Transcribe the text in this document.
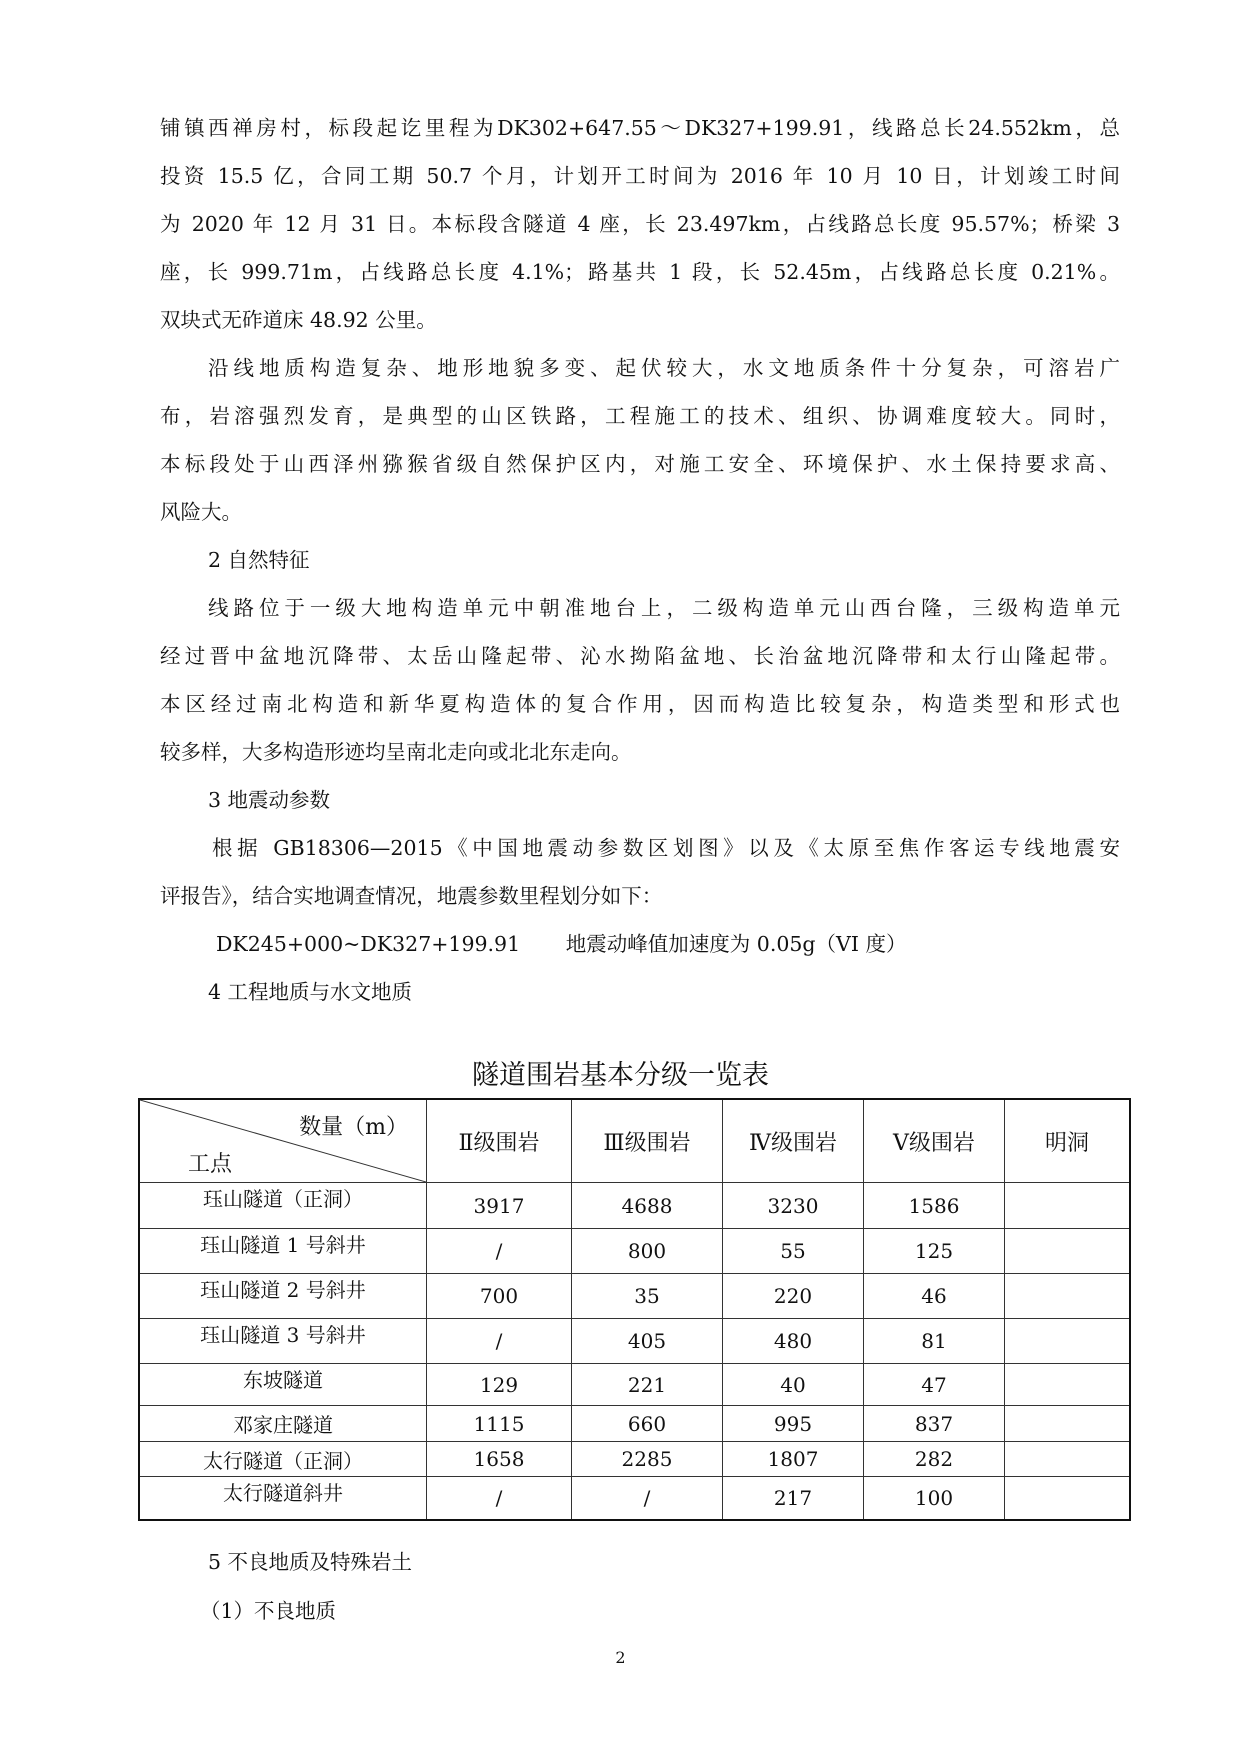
铺镇西禅房村，标段起讫里程为DK302+647.55～DK327+199.91，线路总长24.552km，总
投资 15.5 亿，合同工期 50.7 个月，计划开工时间为 2016 年 10 月 10 日，计划竣工时间
为 2020 年 12 月 31 日。本标段含隧道 4 座，长 23.497km，占线路总长度 95.57%；桥梁 3
座，长 999.71m，占线路总长度 4.1%；路基共 1 段，长 52.45m，占线路总长度 0.21%。
双块式无砟道床 48.92 公里。
沿线地质构造复杂、地形地貌多变、起伏较大，水文地质条件十分复杂，可溶岩广
布，岩溶强烈发育，是典型的山区铁路，工程施工的技术、组织、协调难度较大。同时，
本标段处于山西泽州猕猴省级自然保护区内，对施工安全、环境保护、水土保持要求高、
风险大。
2 自然特征
线路位于一级大地构造单元中朝准地台上，二级构造单元山西台隆，三级构造单元
经过晋中盆地沉降带、太岳山隆起带、沁水拗陷盆地、长治盆地沉降带和太行山隆起带。
本区经过南北构造和新华夏构造体的复合作用，因而构造比较复杂，构造类型和形式也
较多样，大多构造形迹均呈南北走向或北北东走向。
3 地震动参数
根据 GB18306—2015《中国地震动参数区划图》以及《太原至焦作客运专线地震安
评报告》，结合实地调查情况，地震参数里程划分如下：
DK245+000~DK327+199.91       地震动峰值加速度为 0.05g（VI 度）
4 工程地质与水文地质
隧道围岩基本分级一览表
数量（m）
工点	Ⅱ级围岩	Ⅲ级围岩	Ⅳ级围岩	Ⅴ级围岩	明洞
珏山隧道（正洞）	3917	4688	3230	1586	
珏山隧道 1 号斜井	/	800	55	125	
珏山隧道 2 号斜井	700	35	220	46	
珏山隧道 3 号斜井	/	405	480	81	
东坡隧道	129	221	40	47	
邓家庄隧道	1115	660	995	837	
太行隧道（正洞）	1658	2285	1807	282	
太行隧道斜井	/	/	217	100	
5 不良地质及特殊岩土
（1）不良地质
2
